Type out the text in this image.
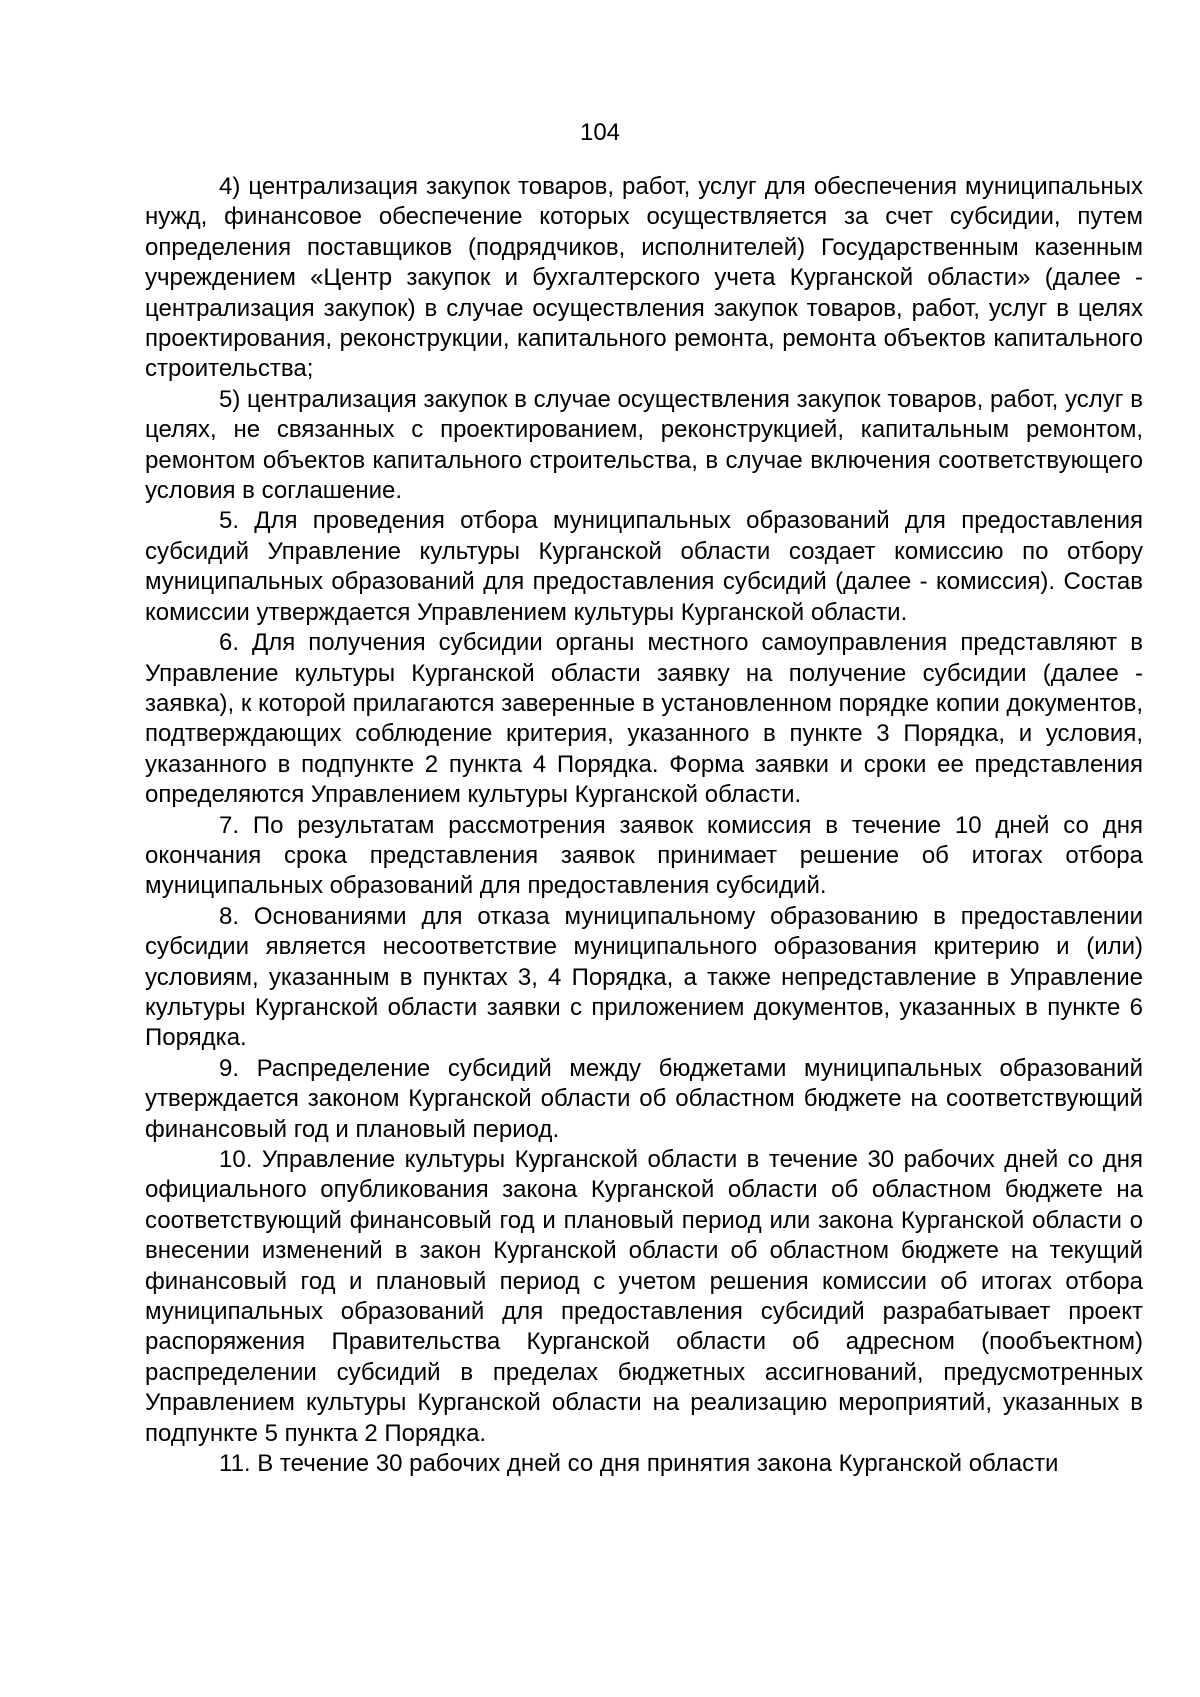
104

4) централизация закупок товаров, работ, услуг для обеспечения муниципальных нужд, финансовое обеспечение которых осуществляется за счет субсидии, путем определения поставщиков (подрядчиков, исполнителей) Государственным казенным учреждением «Центр закупок и бухгалтерского учета Курганской области» (далее - централизация закупок) в случае осуществления закупок товаров, работ, услуг в целях проектирования, реконструкции, капитального ремонта, ремонта объектов капитального строительства;

5) централизация закупок в случае осуществления закупок товаров, работ, услуг в целях, не связанных с проектированием, реконструкцией, капитальным ремонтом, ремонтом объектов капитального строительства, в случае включения соответствующего условия в соглашение.

5. Для проведения отбора муниципальных образований для предоставления субсидий Управление культуры Курганской области создает комиссию по отбору муниципальных образований для предоставления субсидий (далее - комиссия). Состав комиссии утверждается Управлением культуры Курганской области.

6. Для получения субсидии органы местного самоуправления представляют в Управление культуры Курганской области заявку на получение субсидии (далее - заявка), к которой прилагаются заверенные в установленном порядке копии документов, подтверждающих соблюдение критерия, указанного в пункте 3 Порядка, и условия, указанного в подпункте 2 пункта 4 Порядка. Форма заявки и сроки ее представления определяются Управлением культуры Курганской области.

7. По результатам рассмотрения заявок комиссия в течение 10 дней со дня окончания срока представления заявок принимает решение об итогах отбора муниципальных образований для предоставления субсидий.

8. Основаниями для отказа муниципальному образованию в предоставлении субсидии является несоответствие муниципального образования критерию и (или) условиям, указанным в пунктах 3, 4 Порядка, а также непредставление в Управление культуры Курганской области заявки с приложением документов, указанных в пункте 6 Порядка.

9. Распределение субсидий между бюджетами муниципальных образований утверждается законом Курганской области об областном бюджете на соответствующий финансовый год и плановый период.

10. Управление культуры Курганской области в течение 30 рабочих дней со дня официального опубликования закона Курганской области об областном бюджете на соответствующий финансовый год и плановый период или закона Курганской области о внесении изменений в закон Курганской области об областном бюджете на текущий финансовый год и плановый период с учетом решения комиссии об итогах отбора муниципальных образований для предоставления субсидий разрабатывает проект распоряжения Правительства Курганской области об адресном (пообъектном) распределении субсидий в пределах бюджетных ассигнований, предусмотренных Управлением культуры Курганской области на реализацию мероприятий, указанных в подпункте 5 пункта 2 Порядка.

11. В течение 30 рабочих дней со дня принятия закона Курганской области
